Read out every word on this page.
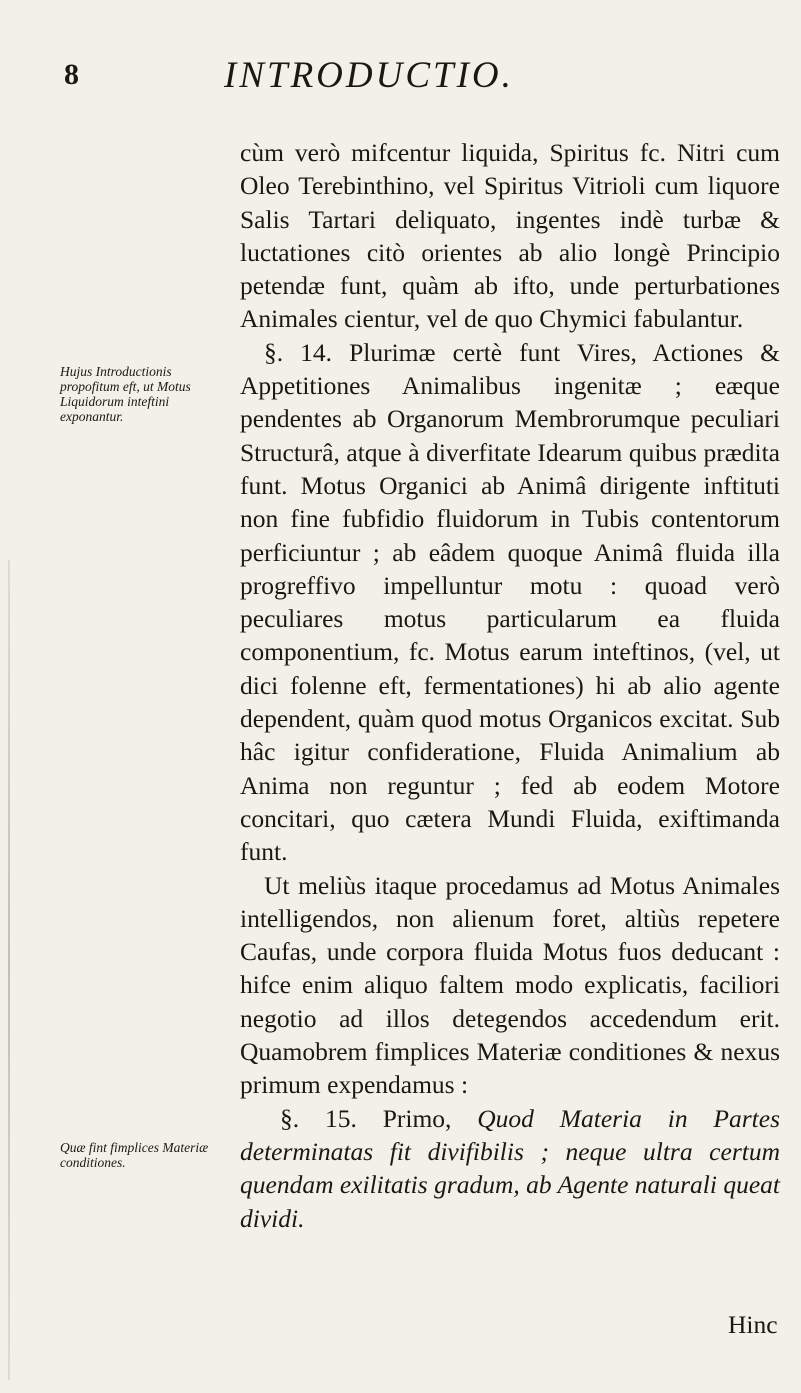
8	INTRODUCTIO.
Hujus Introductionis propofitum eft, ut Motus Liquidorum inteftini exponantur.
Quæ fint fimplices Materiæ conditiones.

cùm verò mifcentur liquida, Spiritus fc. Nitri cum Oleo Terebinthino, vel Spiritus Vitrioli cum liquore Salis Tartari deliquato, ingentes indè turbæ & luctationes citò orientes ab alio longè Principio petendæ funt, quàm ab ifto, unde perturbationes Animales cientur, vel de quo Chymici fabulantur.

§. 14. Plurimæ certè funt Vires, Actiones & Appetitiones Animalibus ingenitæ ; eæque pendentes ab Organorum Membrorumque peculiari Structurâ, atque à diverfitate Idearum quibus prædita funt. Motus Organici ab Animâ dirigente inftituti non fine fubfidio fluidorum in Tubis contentorum perficiuntur ; ab eâdem quoque Animâ fluida illa progreffivo impelluntur motu : quoad verò peculiares motus particularum ea fluida componentium, fc. Motus earum inteftinos, (vel, ut dici folenne eft, fermentationes) hi ab alio agente dependent, quàm quod motus Organicos excitat. Sub hâc igitur confideratione, Fluida Animalium ab Anima non reguntur ; fed ab eodem Motore concitari, quo cætera Mundi Fluida, exiftimanda funt.

Ut meliùs itaque procedamus ad Motus Animales intelligendos, non alienum foret, altiùs repetere Caufas, unde corpora fluida Motus fuos deducant : hifce enim aliquo faltem modo explicatis, faciliori negotio ad illos detegendos accedendum erit. Quamobrem fimplices Materiæ conditiones & nexus primum expendamus :

§. 15. Primo, Quod Materia in Partes determinatas fit divifibilis ; neque ultra certum quendam exilitatis gradum, ab Agente naturali queat dividi.

Hinc
